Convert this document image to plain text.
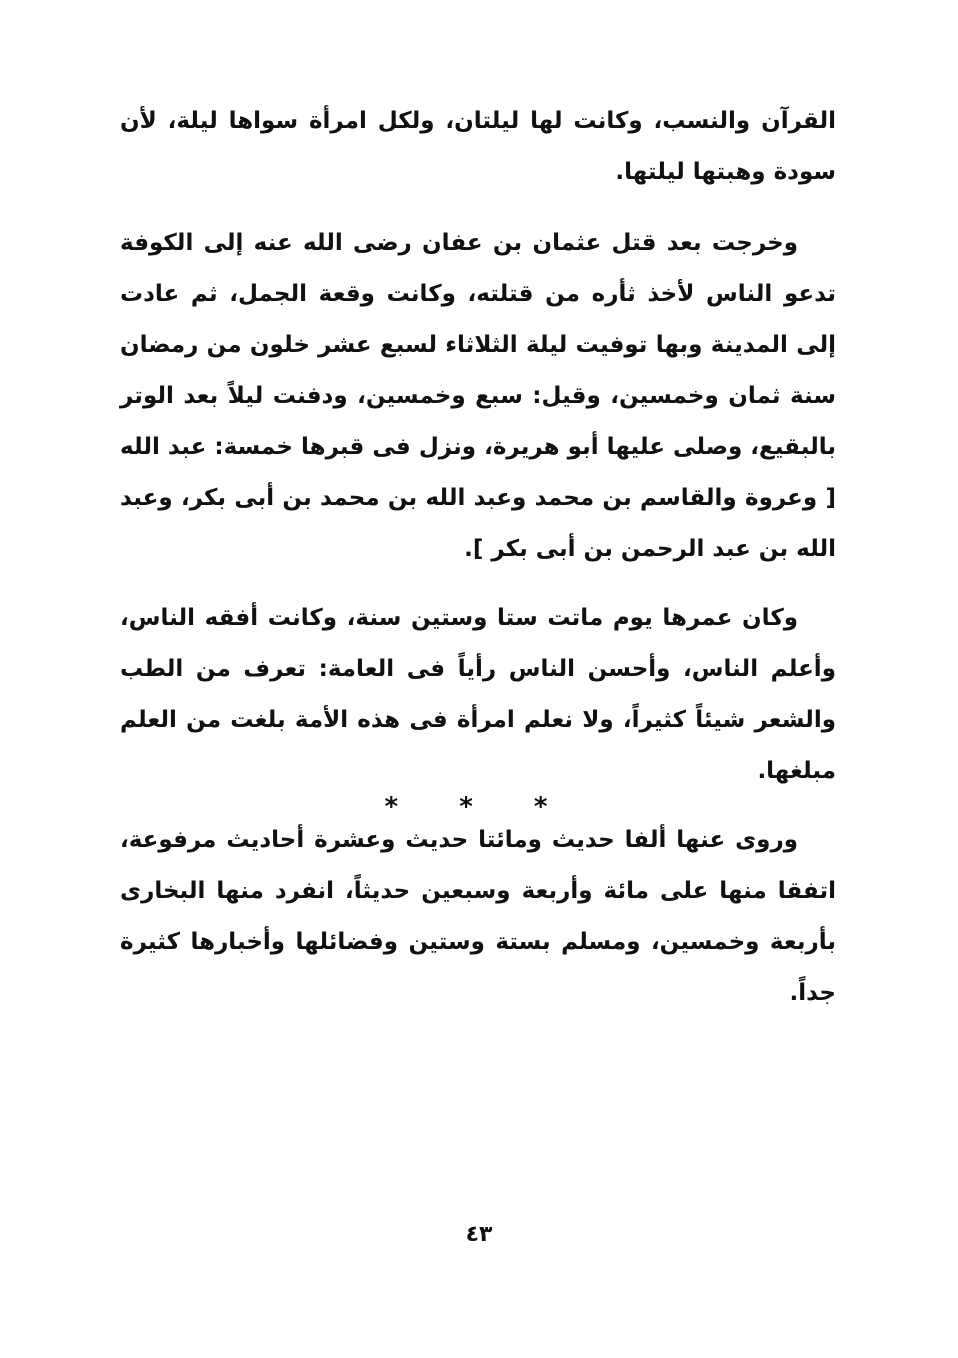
القرآن والنسب، وكانت لها ليلتان، ولكل امرأة سواها ليلة، لأن سودة وهبتها ليلتها.

وخرجت بعد قتل عثمان بن عفان رضى الله عنه إلى الكوفة تدعو الناس لأخذ ثأره من قتلته، وكانت وقعة الجمل، ثم عادت إلى المدينة وبها توفيت ليلة الثلاثاء لسبع عشر خلون من رمضان سنة ثمان وخمسين، وقيل: سبع وخمسين، ودفنت ليلاً بعد الوتر بالبقيع، وصلى عليها أبو هريرة، ونزل فى قبرها خمسة: عبد الله [ وعروة والقاسم بن محمد وعبد الله بن محمد بن أبى بكر، وعبد الله بن عبد الرحمن بن أبى بكر ].

وكان عمرها يوم ماتت ستا وستين سنة، وكانت أفقه الناس، وأعلم الناس، وأحسن الناس رأياً فى العامة: تعرف من الطب والشعر شيئاً كثيراً، ولا نعلم امرأة فى هذه الأمة بلغت من العلم مبلغها.

وروى عنها ألفا حديث ومائتا حديث وعشرة أحاديث مرفوعة، اتفقا منها على مائة وأربعة وسبعين حديثاً، انفرد منها البخارى بأربعة وخمسين، ومسلم بستة وستين وفضائلها وأخبارها كثيرة جداً.

* * *
٤٣
